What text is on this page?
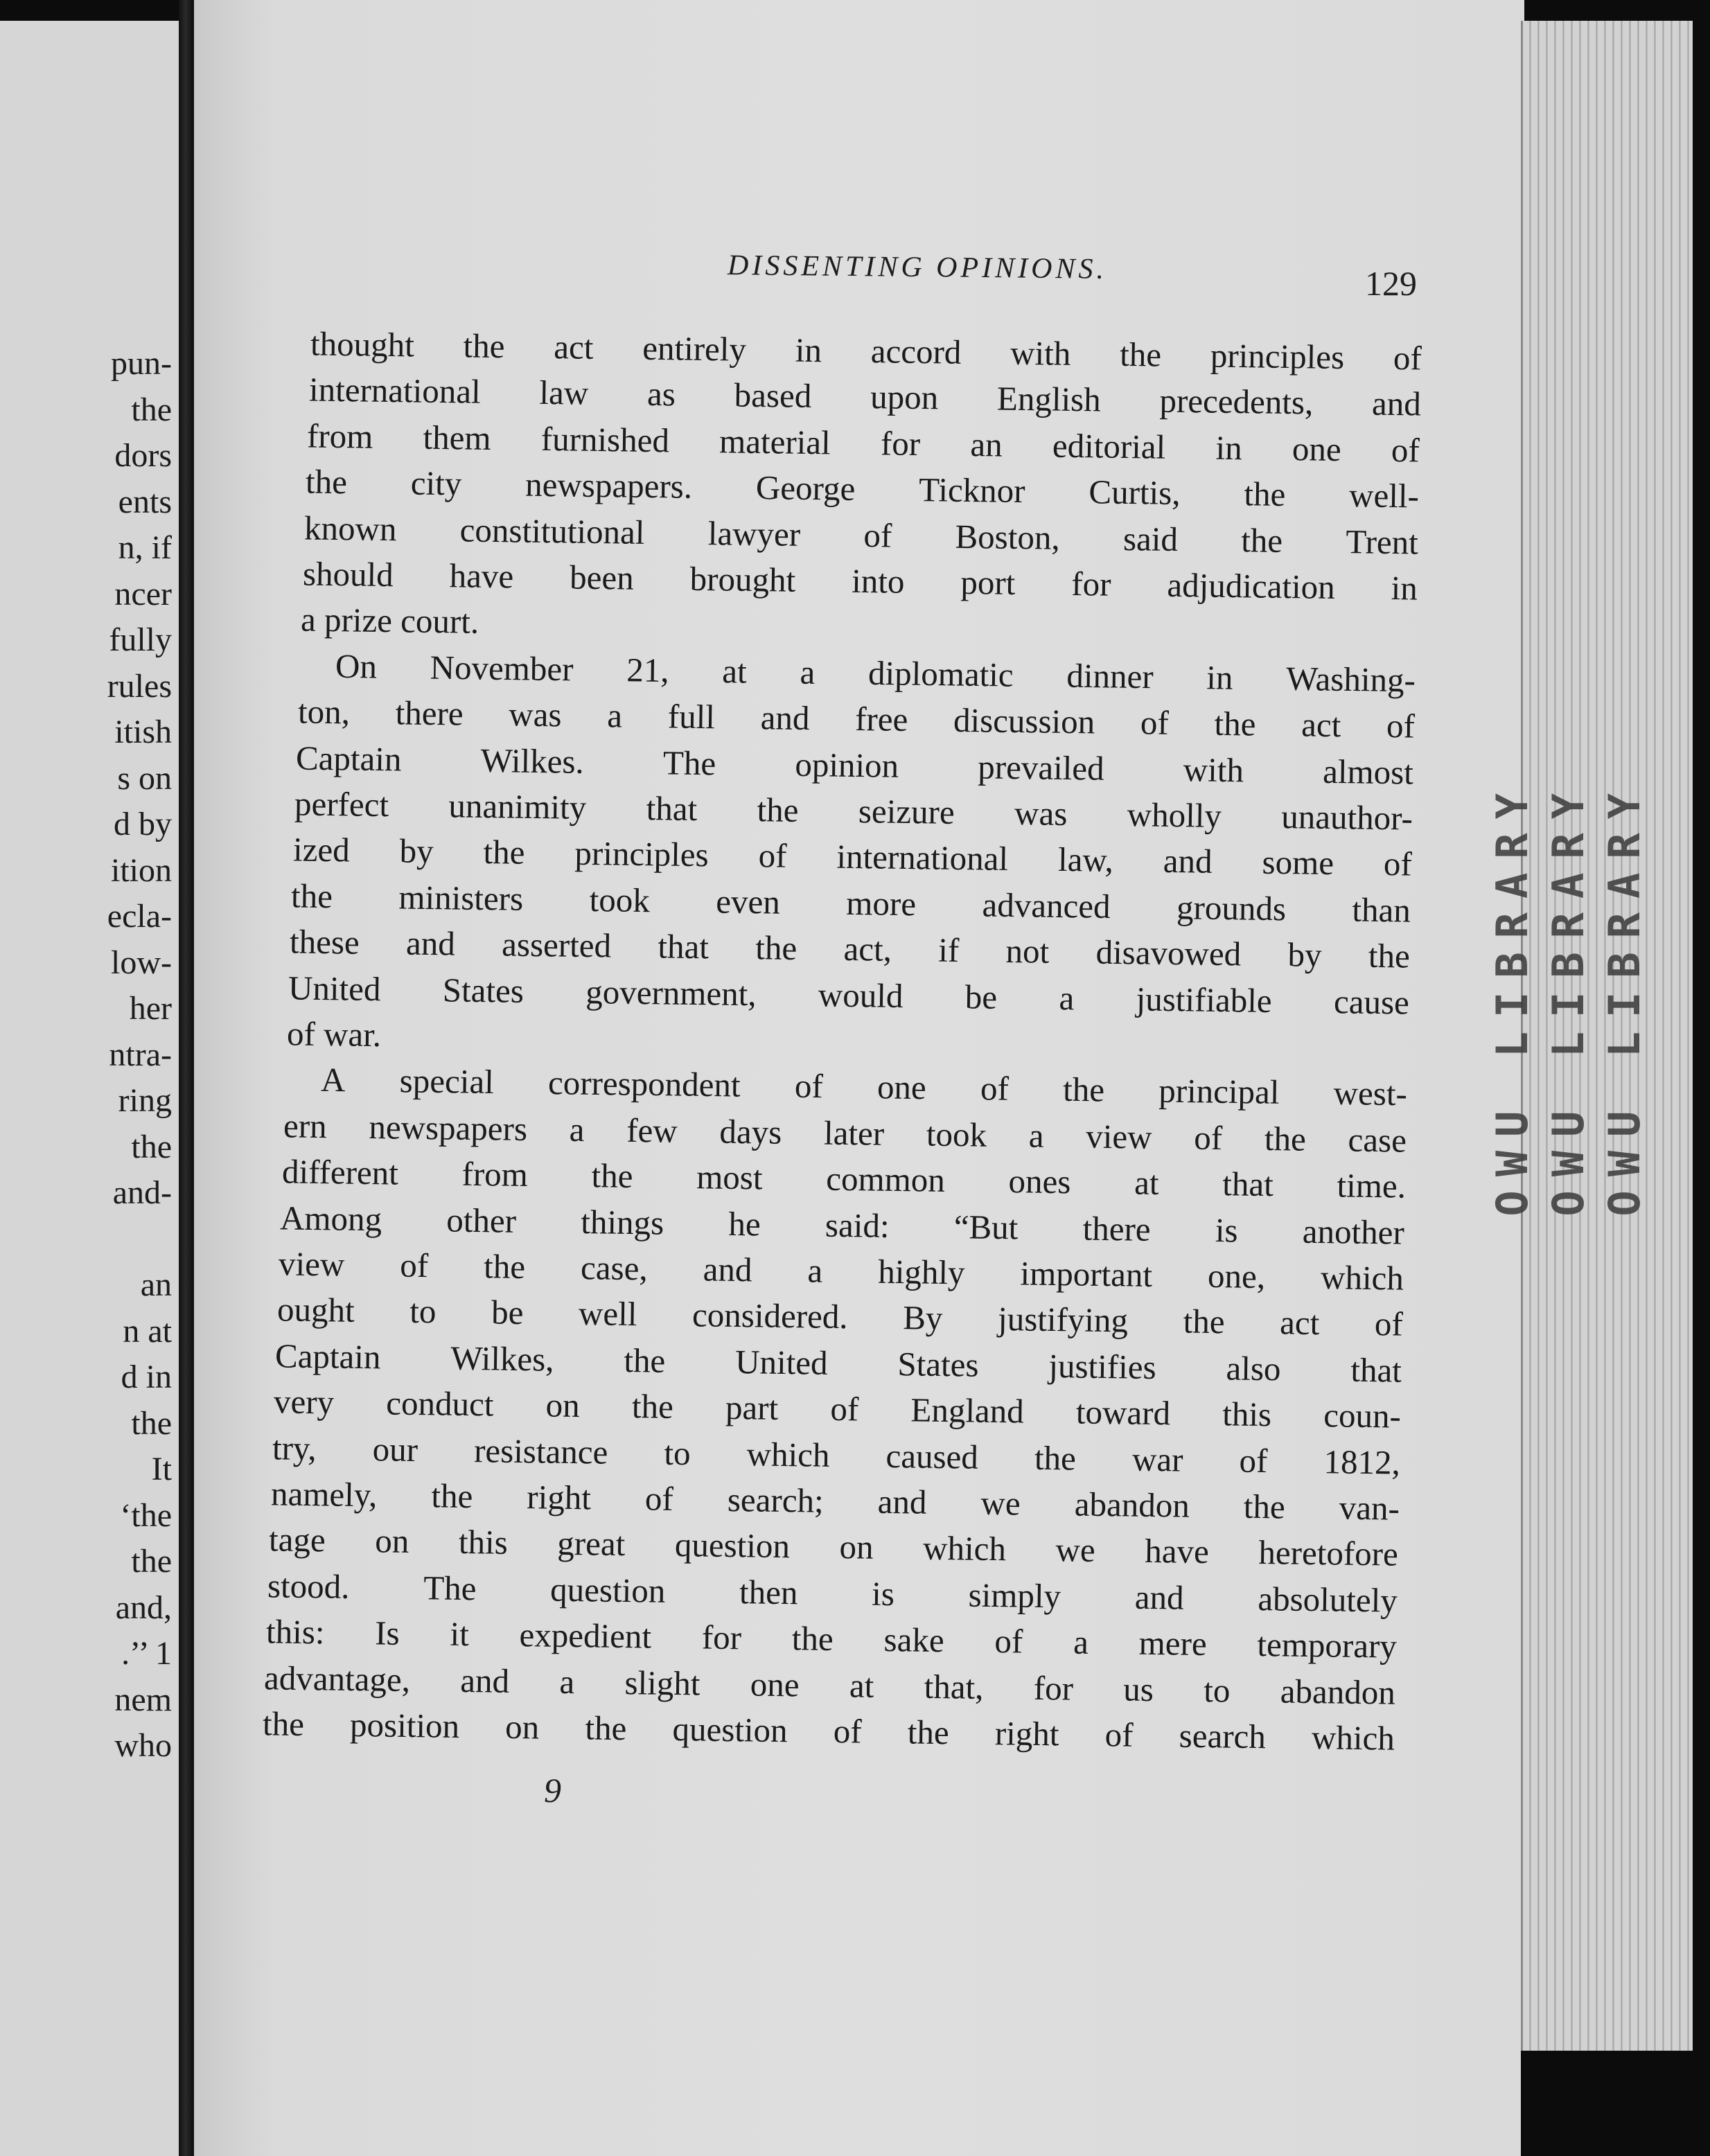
pun-
the
dors
ents
n, if
ncer
fully
rules
itish
s on
d by
ition
ecla-
low-
her
ntra-
ring
the
and-
an
n at
d in
the
It
‘the
the
and,
.’’ 1
nem
who
DISSENTING OPINIONS.	129
thought the act entirely in accord with the principles of
international law as based upon English precedents, and
from them furnished material for an editorial in one of
the city newspapers. George Ticknor Curtis, the well-
known constitutional lawyer of Boston, said the Trent
should have been brought into port for adjudication in
a prize court.
On November 21, at a diplomatic dinner in Washing-
ton, there was a full and free discussion of the act of
Captain Wilkes. The opinion prevailed with almost
perfect unanimity that the seizure was wholly unauthor-
ized by the principles of international law, and some of
the ministers took even more advanced grounds than
these and asserted that the act, if not disavowed by the
United States government, would be a justifiable cause
of war.
A special correspondent of one of the principal west-
ern newspapers a few days later took a view of the case
different from the most common ones at that time.
Among other things he said: “But there is another
view of the case, and a highly important one, which
ought to be well considered. By justifying the act of
Captain Wilkes, the United States justifies also that
very conduct on the part of England toward this coun-
try, our resistance to which caused the war of 1812,
namely, the right of search; and we abandon the van-
tage on this great question on which we have heretofore
stood. The question then is simply and absolutely
this: Is it expedient for the sake of a mere temporary
advantage, and a slight one at that, for us to abandon
the position on the question of the right of search which
9
OWU LIBRARY OWU LIBRARY OWU LIBRARY
